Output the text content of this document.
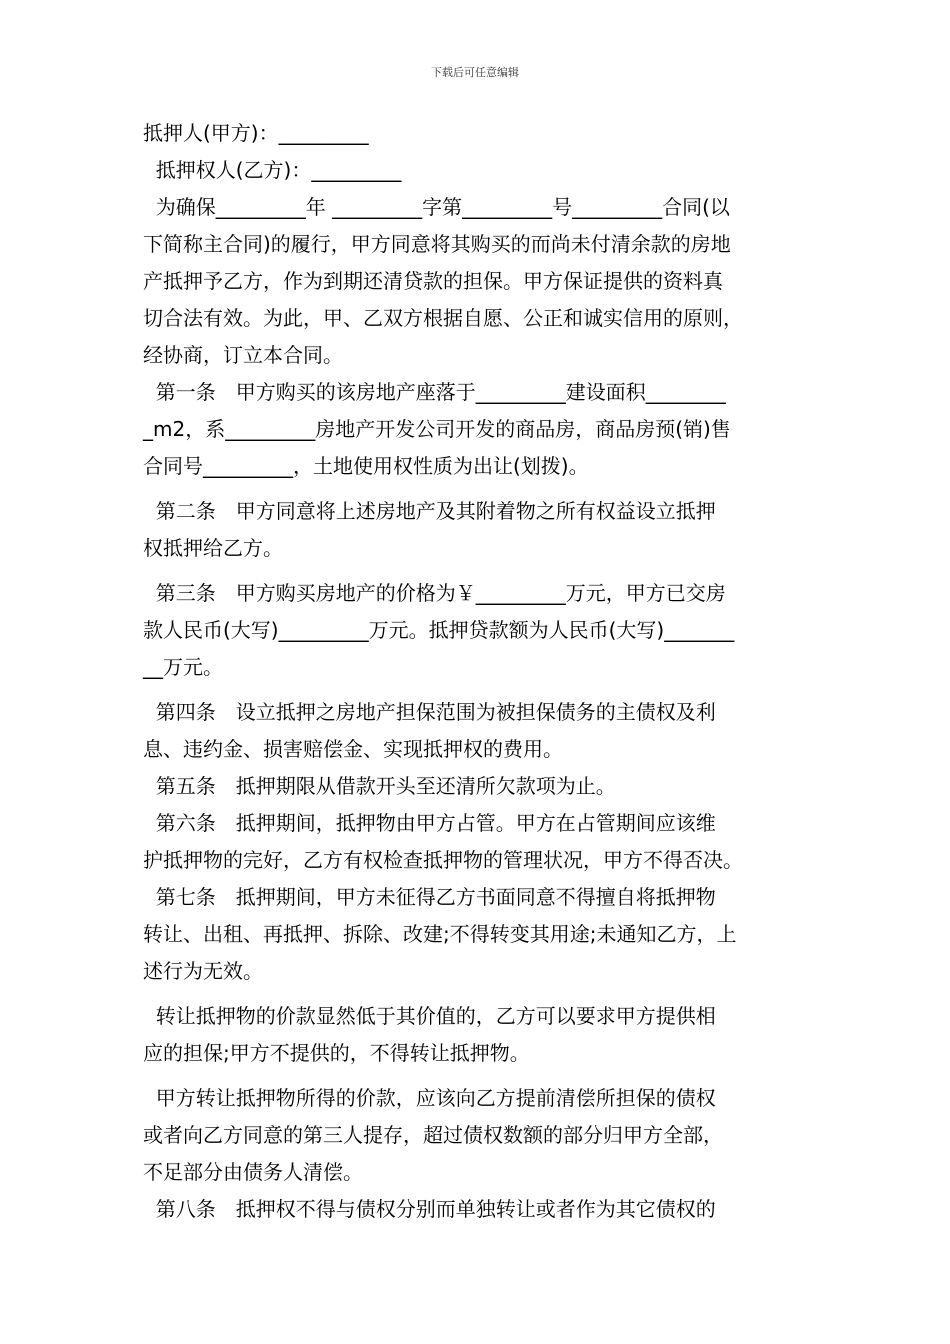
下载后可任意编辑
抵押人(甲方)：_________
抵押权人(乙方)：_________
为确保_________年 _________字第_________号_________合同(以
下简称主合同)的履行，甲方同意将其购买的而尚未付清余款的房地
产抵押予乙方，作为到期还清贷款的担保。甲方保证提供的资料真
切合法有效。为此，甲、乙双方根据自愿、公正和诚实信用的原则，
经协商，订立本合同。
第一条　甲方购买的该房地产座落于_________建设面积________
_m2，系_________房地产开发公司开发的商品房，商品房预(销)售
合同号_________，土地使用权性质为出让(划拨)。
第二条　甲方同意将上述房地产及其附着物之所有权益设立抵押
权抵押给乙方。
第三条　甲方购买房地产的价格为￥_________万元，甲方已交房
款人民币(大写)_________万元。抵押贷款额为人民币(大写)_______
__万元。
第四条　设立抵押之房地产担保范围为被担保债务的主债权及利
息、违约金、损害赔偿金、实现抵押权的费用。
第五条　抵押期限从借款开头至还清所欠款项为止。
第六条　抵押期间，抵押物由甲方占管。甲方在占管期间应该维
护抵押物的完好，乙方有权检查抵押物的管理状况，甲方不得否决。
第七条　抵押期间，甲方未征得乙方书面同意不得擅自将抵押物
转让、出租、再抵押、拆除、改建;不得转变其用途;未通知乙方，上
述行为无效。
转让抵押物的价款显然低于其价值的，乙方可以要求甲方提供相
应的担保;甲方不提供的，不得转让抵押物。
甲方转让抵押物所得的价款，应该向乙方提前清偿所担保的债权
或者向乙方同意的第三人提存，超过债权数额的部分归甲方全部，
不足部分由债务人清偿。
第八条　抵押权不得与债权分别而单独转让或者作为其它债权的
